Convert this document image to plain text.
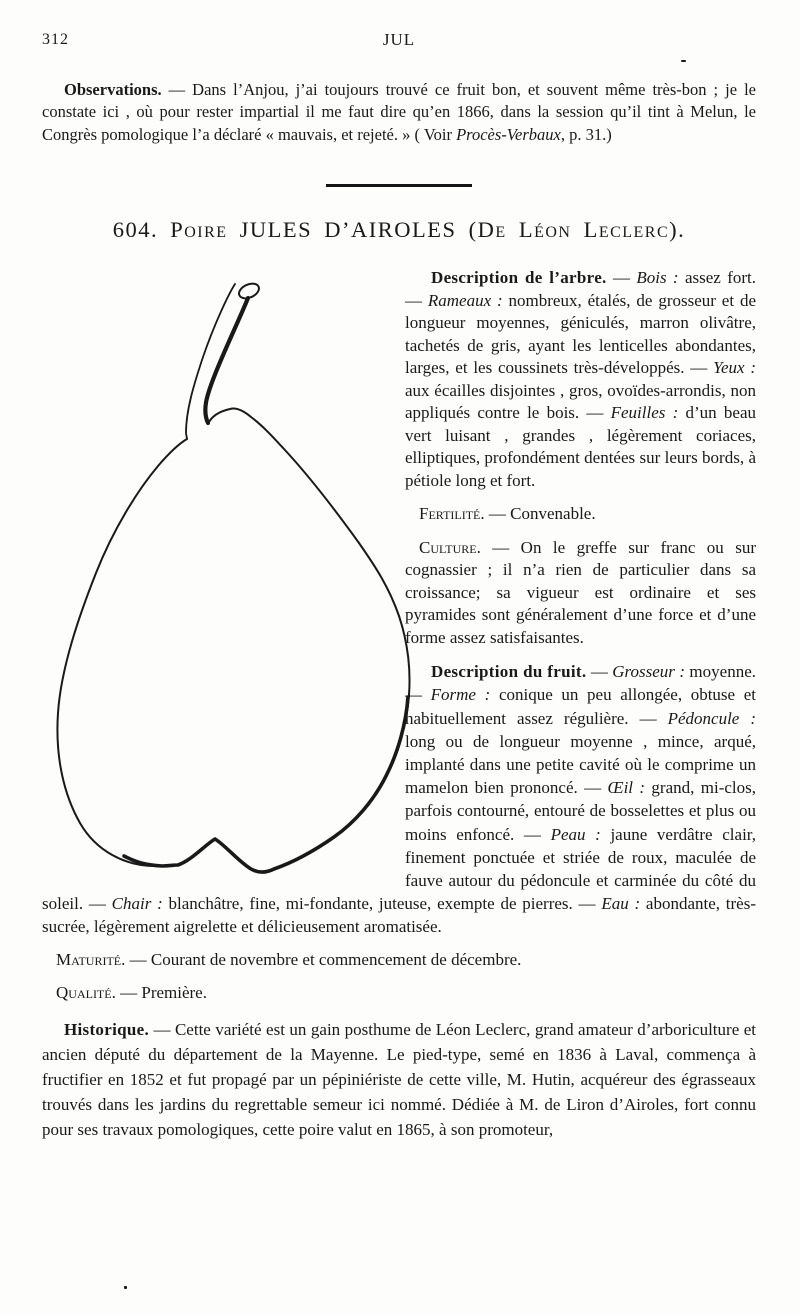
312	JUL

Observations. — Dans l’Anjou, j’ai toujours trouvé ce fruit bon, et souvent même très-bon ; je le constate ici , où pour rester impartial il me faut dire qu’en 1866, dans la session qu’il tint à Melun, le Congrès pomologique l’a déclaré « mauvais, et rejeté. » ( Voir Procès-Verbaux, p. 31.)

604. Poire JULES D’AIROLES (De Léon Leclerc).

Description de l’arbre. — Bois : assez fort. — Rameaux : nombreux, étalés, de grosseur et de longueur moyennes, géniculés, marron olivâtre, tachetés de gris, ayant les lenticelles abondantes, larges, et les coussinets très-développés. — Yeux : aux écailles disjointes , gros, ovoïdes-arrondis, non appliqués contre le bois. — Feuilles : d’un beau vert luisant , grandes , légèrement coriaces, elliptiques, profondément dentées sur leurs bords, à pétiole long et fort.

Fertilité. — Convenable.

Culture. — On le greffe sur franc ou sur cognassier ; il n’a rien de particulier dans sa croissance; sa vigueur est ordinaire et ses pyramides sont généralement d’une force et d’une forme assez satisfaisantes.

Description du fruit. — Grosseur : moyenne. — Forme : conique un peu allongée, obtuse et habituellement assez régulière. — Pédoncule : long ou de longueur moyenne , mince, arqué, implanté dans une petite cavité où le comprime un mamelon bien prononcé. — Œil : grand, mi-clos, parfois contourné, entouré de bosselettes et plus ou moins enfoncé. — Peau : jaune verdâtre clair, finement ponctuée et striée de roux, maculée de fauve autour du pédoncule et carminée du côté du soleil. — Chair : blanchâtre, fine, mi-fondante, juteuse, exempte de pierres. — Eau : abondante, très-sucrée, légèrement aigrelette et délicieusement aromatisée.

Maturité. — Courant de novembre et commencement de décembre.

Qualité. — Première.

Historique. — Cette variété est un gain posthume de Léon Leclerc, grand amateur d’arboriculture et ancien député du département de la Mayenne. Le pied-type, semé en 1836 à Laval, commença à fructifier en 1852 et fut propagé par un pépiniériste de cette ville, M. Hutin, acquéreur des égrasseaux trouvés dans les jardins du regrettable semeur ici nommé. Dédiée à M. de Liron d’Airoles, fort connu pour ses travaux pomologiques, cette poire valut en 1865, à son promoteur,
